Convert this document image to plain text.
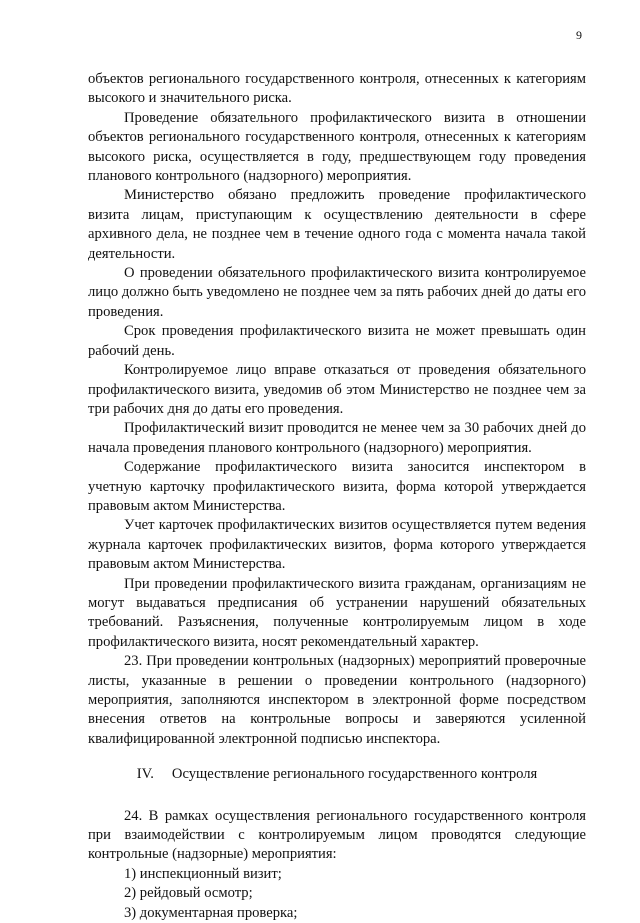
9

объектов регионального государственного контроля, отнесенных к категориям высокого и значительного риска.

Проведение обязательного профилактического визита в отношении объектов регионального государственного контроля, отнесенных к категориям высокого риска, осуществляется в году, предшествующем году проведения планового контрольного (надзорного) мероприятия.

Министерство обязано предложить проведение профилактического визита лицам, приступающим к осуществлению деятельности в сфере архивного дела, не позднее чем в течение одного года с момента начала такой деятельности.

О проведении обязательного профилактического визита контролируемое лицо должно быть уведомлено не позднее чем за пять рабочих дней до даты его проведения.

Срок проведения профилактического визита не может превышать один рабочий день.

Контролируемое лицо вправе отказаться от проведения обязательного профилактического визита, уведомив об этом Министерство не позднее чем за три рабочих дня до даты его проведения.

Профилактический визит проводится не менее чем за 30 рабочих дней до начала проведения планового контрольного (надзорного) мероприятия.

Содержание профилактического визита заносится инспектором в учетную карточку профилактического визита, форма которой утверждается правовым актом Министерства.

Учет карточек профилактических визитов осуществляется путем ведения журнала карточек профилактических визитов, форма которого утверждается правовым актом Министерства.

При проведении профилактического визита гражданам, организациям не могут выдаваться предписания об устранении нарушений обязательных требований. Разъяснения, полученные контролируемым лицом в ходе профилактического визита, носят рекомендательный характер.

23. При проведении контрольных (надзорных) мероприятий проверочные листы, указанные в решении о проведении контрольного (надзорного) мероприятия, заполняются инспектором в электронной форме посредством внесения ответов на контрольные вопросы и заверяются усиленной квалифицированной электронной подписью инспектора.

IV. Осуществление регионального государственного контроля

24. В рамках осуществления регионального государственного контроля при взаимодействии с контролируемым лицом проводятся следующие контрольные (надзорные) мероприятия:

1) инспекционный визит;

2) рейдовый осмотр;

3) документарная проверка;
